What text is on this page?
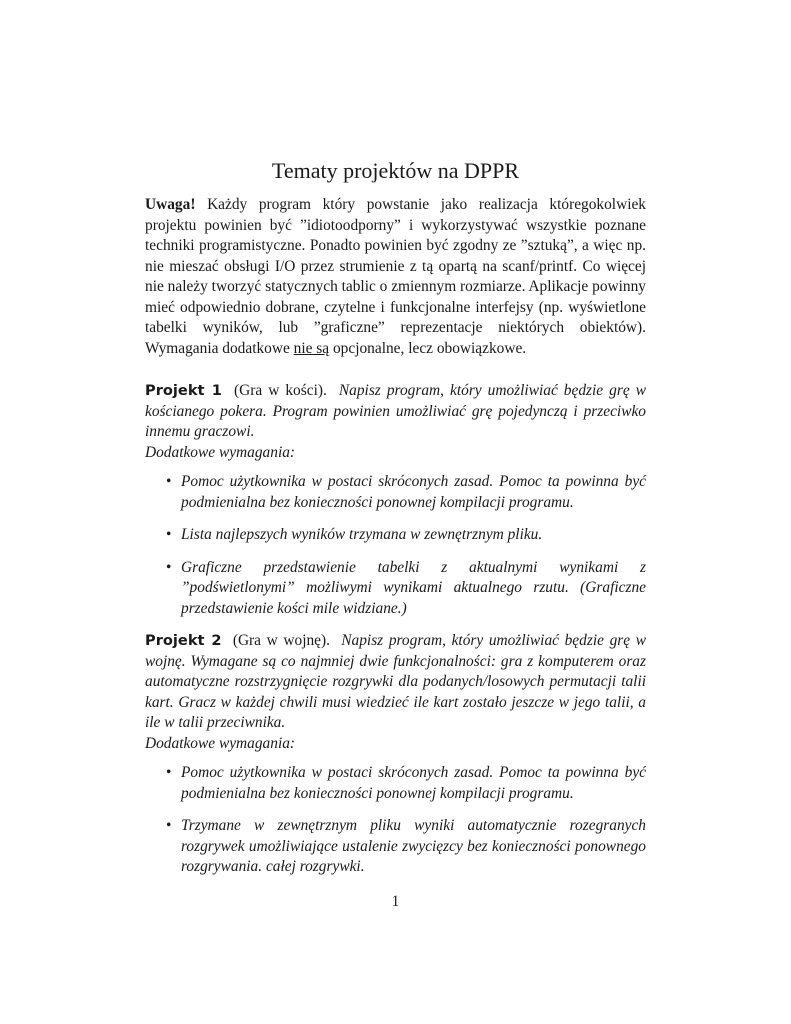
Tematy projektów na DPPR

Uwaga! Każdy program który powstanie jako realizacja któregokolwiek projektu powinien być ”idiotoodporny” i wykorzystywać wszystkie poznane techniki programistyczne. Ponadto powinien być zgodny ze ”sztuką”, a więc np. nie mieszać obsługi I/O przez strumienie z tą opartą na scanf/printf. Co więcej nie należy tworzyć statycznych tablic o zmiennym rozmiarze. Aplikacje powinny mieć odpowiednio dobrane, czytelne i funkcjonalne interfejsy (np. wyświetlone tabelki wyników, lub ”graficzne” reprezentacje niektórych obiektów). Wymagania dodatkowe nie są opcjonalne, lecz obowiązkowe.

Projekt 1 (Gra w kości). Napisz program, który umożliwiać będzie grę w kościanego pokera. Program powinien umożliwiać grę pojedynczą i przeciwko innemu graczowi.

Dodatkowe wymagania:
• Pomoc użytkownika w postaci skróconych zasad. Pomoc ta powinna być podmienialna bez konieczności ponownej kompilacji programu.
• Lista najlepszych wyników trzymana w zewnętrznym pliku.
• Graficzne przedstawienie tabelki z aktualnymi wynikami z ”podświetlonymi” możliwymi wynikami aktualnego rzutu. (Graficzne przedstawienie kości mile widziane.)

Projekt 2 (Gra w wojnę). Napisz program, który umożliwiać będzie grę w wojnę. Wymagane są co najmniej dwie funkcjonalności: gra z komputerem oraz automatyczne rozstrzygnięcie rozgrywki dla podanych/losowych permutacji talii kart. Gracz w każdej chwili musi wiedzieć ile kart zostało jeszcze w jego talii, a ile w talii przeciwnika.

Dodatkowe wymagania:
• Pomoc użytkownika w postaci skróconych zasad. Pomoc ta powinna być podmienialna bez konieczności ponownej kompilacji programu.
• Trzymane w zewnętrznym pliku wyniki automatycznie rozegranych rozgrywek umożliwiające ustalenie zwycięzcy bez konieczności ponownego rozgrywania. całej rozgrywki.
1
